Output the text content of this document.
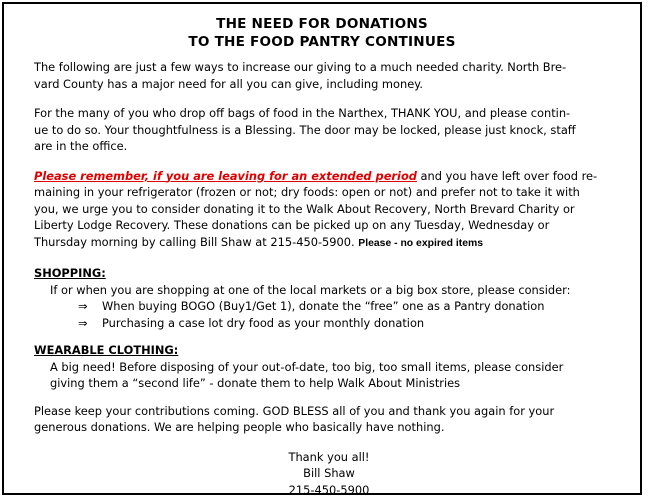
THE NEED FOR DONATIONS
TO THE FOOD PANTRY CONTINUES

The following are just a few ways to increase our giving to a much needed charity. North Bre-
vard County has a major need for all you can give, including money.

For the many of you who drop off bags of food in the Narthex, THANK YOU, and please contin-
ue to do so. Your thoughtfulness is a Blessing. The door may be locked, please just knock, staff
are in the office.

Please remember, if you are leaving for an extended period and you have left over food re-
maining in your refrigerator (frozen or not; dry foods: open or not) and prefer not to take it with
you, we urge you to consider donating it to the Walk About Recovery, North Brevard Charity or
Liberty Lodge Recovery. These donations can be picked up on any Tuesday, Wednesday or
Thursday morning by calling Bill Shaw at 215-450-5900. Please - no expired items

SHOPPING:
If or when you are shopping at one of the local markets or a big box store, please consider:
⇒ When buying BOGO (Buy1/Get 1), donate the “free” one as a Pantry donation
⇒ Purchasing a case lot dry food as your monthly donation
WEARABLE CLOTHING:
A big need! Before disposing of your out-of-date, too big, too small items, please consider
giving them a “second life” - donate them to help Walk About Ministries

Please keep your contributions coming. GOD BLESS all of you and thank you again for your
generous donations. We are helping people who basically have nothing.

Thank you all!
Bill Shaw
215-450-5900
